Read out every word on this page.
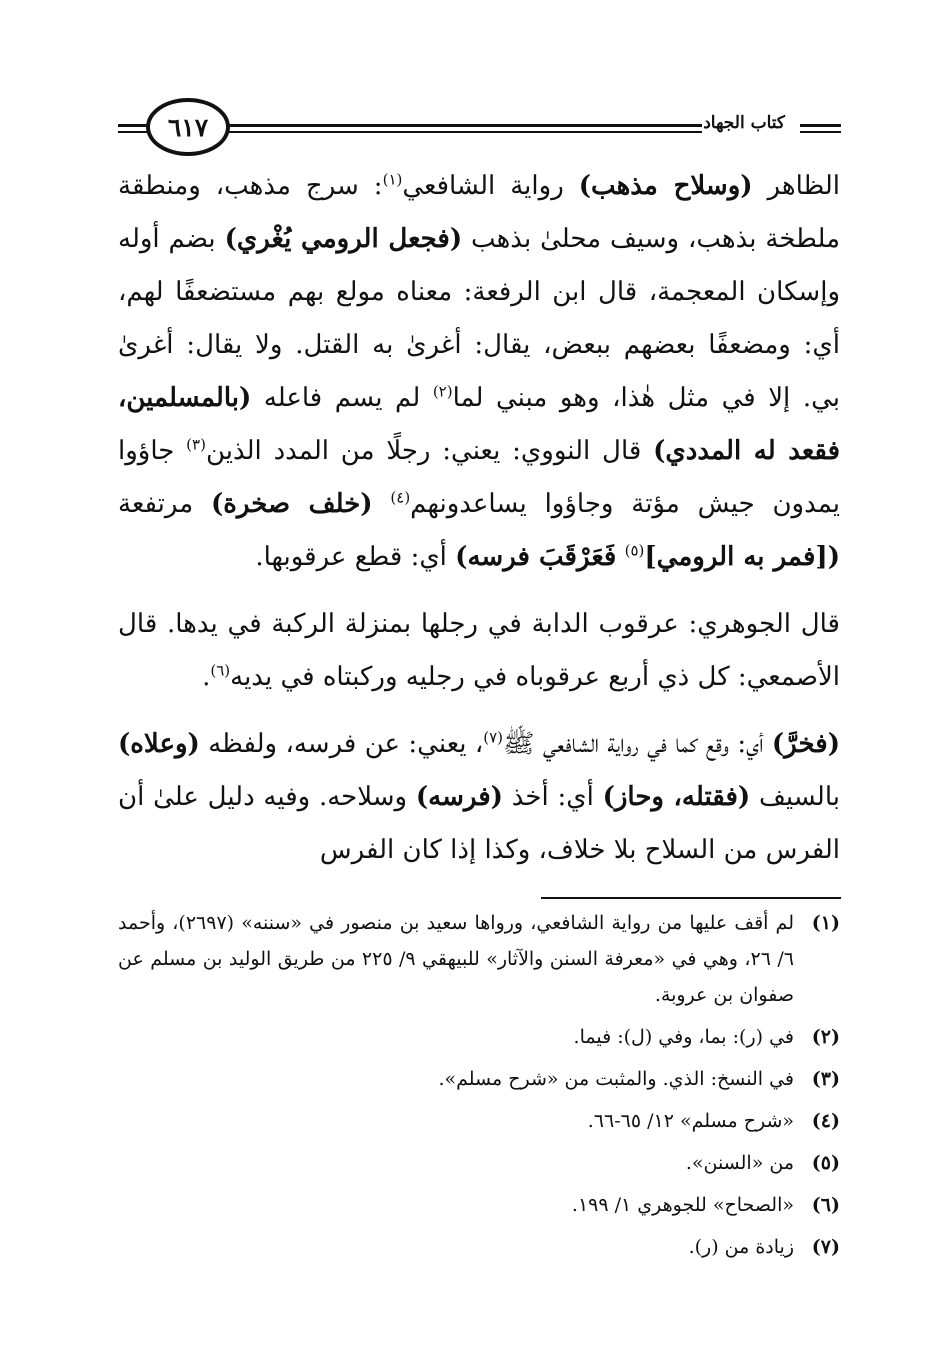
كتاب الجهاد
٦١٧
الظاهر (وسلاح مذهب) رواية الشافعي$^{(١)}$: سرج مذهب، ومنطقة ملطخة بذهب، وسيف محلىٰ بذهب (فجعل الرومي يُغْري) بضم أوله وإسكان المعجمة، قال ابن الرفعة: معناه مولع بهم مستضعفًا لهم، أي: ومضعفًا بعضهم ببعض، يقال: أغرىٰ به القتل. ولا يقال: أغرىٰ بي. إلا في مثل هٰذا، وهو مبني لما$^{(٢)}$ لم يسم فاعله (بالمسلمين، فقعد له المددي) قال النووي: يعني: رجلًا من المدد الذين$^{(٣)}$ جاؤوا يمدون جيش مؤتة وجاؤوا يساعدونهم$^{(٤)}$ (خلف صخرة) مرتفعة ([فمر به الرومي]$^{(٥)}$ فَعَرْقَبَ فرسه) أي: قطع عرقوبها.
قال الجوهري: عرقوب الدابة في رجلها بمنزلة الركبة في يدها. قال الأصمعي: كل ذي أربع عرقوباه في رجليه وركبتاه في يديه$^{(٦)}$.
(فخرَّ) أي: وقع كما في رواية الشافعي ﷺ$^{(٧)}$، يعني: عن فرسه، ولفظه (وعلاه) بالسيف (فقتله، وحاز) أي: أخذ (فرسه) وسلاحه. وفيه دليل علىٰ أن الفرس من السلاح بلا خلاف، وكذا إذا كان الفرس
(١)
لم أقف عليها من رواية الشافعي، ورواها سعيد بن منصور في «سننه» (٢٦٩٧)، وأحمد ٦/ ٢٦، وهي في «معرفة السنن والآثار» للبيهقي ٩/ ٢٢٥ من طريق الوليد بن مسلم عن صفوان بن عروبة.
(٢)
في (ر): بما، وفي (ل): فيما.
(٣)
في النسخ: الذي. والمثبت من «شرح مسلم».
(٤)
«شرح مسلم» ١٢/ ٦٥-٦٦.
(٥)
من «السنن».
(٦)
«الصحاح» للجوهري ١/ ١٩٩.
(٧)
زيادة من (ر).
